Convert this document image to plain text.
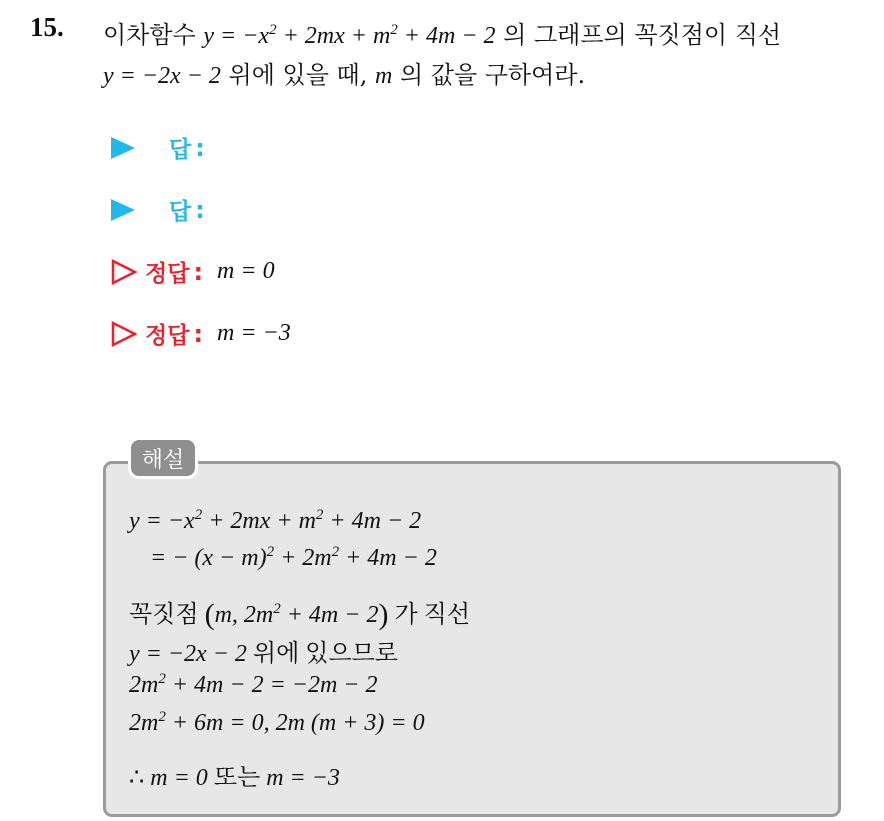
15. 이차함수 $y = -x^2 + 2mx + m^2 + 4m - 2$ 의 그래프의 꼭짓점이 직선
y = −2x − 2 위에 있을 때, m 의 값을 구하여라.
답 :
답 :
정답 : m = 0
정답 : m = −3
해설
$y = -x^2 + 2mx + m^2 + 4m - 2$
= − $(x - m)^2 + 2m^2 + 4m - 2$
꼭짓점 (m, $2m^2 + 4m - 2$) 가 직선
y = −2x − 2 위에 있으므로
$2m^2 + 4m - 2 = -2m - 2$
$2m^2 + 6m = 0$, 2m (m + 3) = 0
∴ m = 0 또는 m = −3
